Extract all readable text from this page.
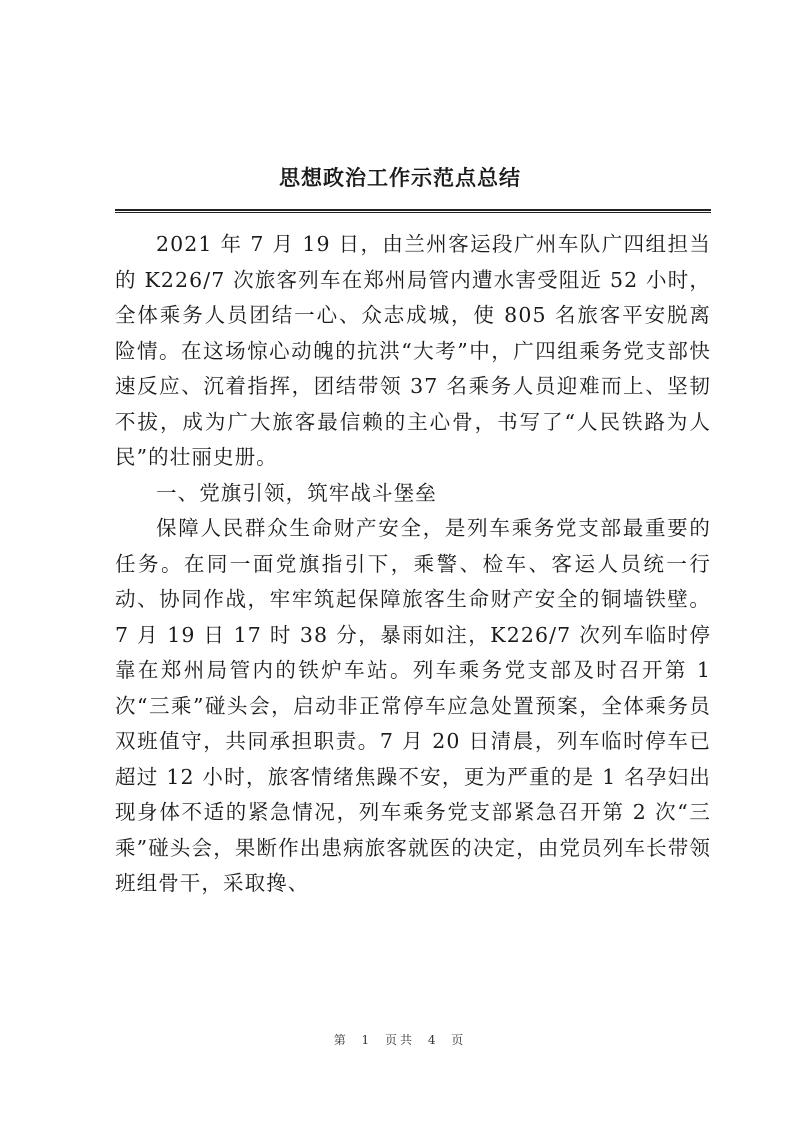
思想政治工作示范点总结

2021 年 7 月 19 日，由兰州客运段广州车队广四组担当的 K226/7 次旅客列车在郑州局管内遭水害受阻近 52 小时，全体乘务人员团结一心、众志成城，使 805 名旅客平安脱离险情。在这场惊心动魄的抗洪“大考”中，广四组乘务党支部快速反应、沉着指挥，团结带领 37 名乘务人员迎难而上、坚韧不拔，成为广大旅客最信赖的主心骨，书写了“人民铁路为人民”的壮丽史册。

一、党旗引领，筑牢战斗堡垒

保障人民群众生命财产安全，是列车乘务党支部最重要的任务。在同一面党旗指引下，乘警、检车、客运人员统一行动、协同作战，牢牢筑起保障旅客生命财产安全的铜墙铁壁。7 月 19 日 17 时 38 分，暴雨如注，K226/7 次列车临时停靠在郑州局管内的铁炉车站。列车乘务党支部及时召开第 1 次“三乘”碰头会，启动非正常停车应急处置预案，全体乘务员双班值守，共同承担职责。7 月 20 日清晨，列车临时停车已超过 12 小时，旅客情绪焦躁不安，更为严重的是 1 名孕妇出现身体不适的紧急情况，列车乘务党支部紧急召开第 2 次“三乘”碰头会，果断作出患病旅客就医的决定，由党员列车长带领班组骨干，采取搀、

第 1 页共 4 页
